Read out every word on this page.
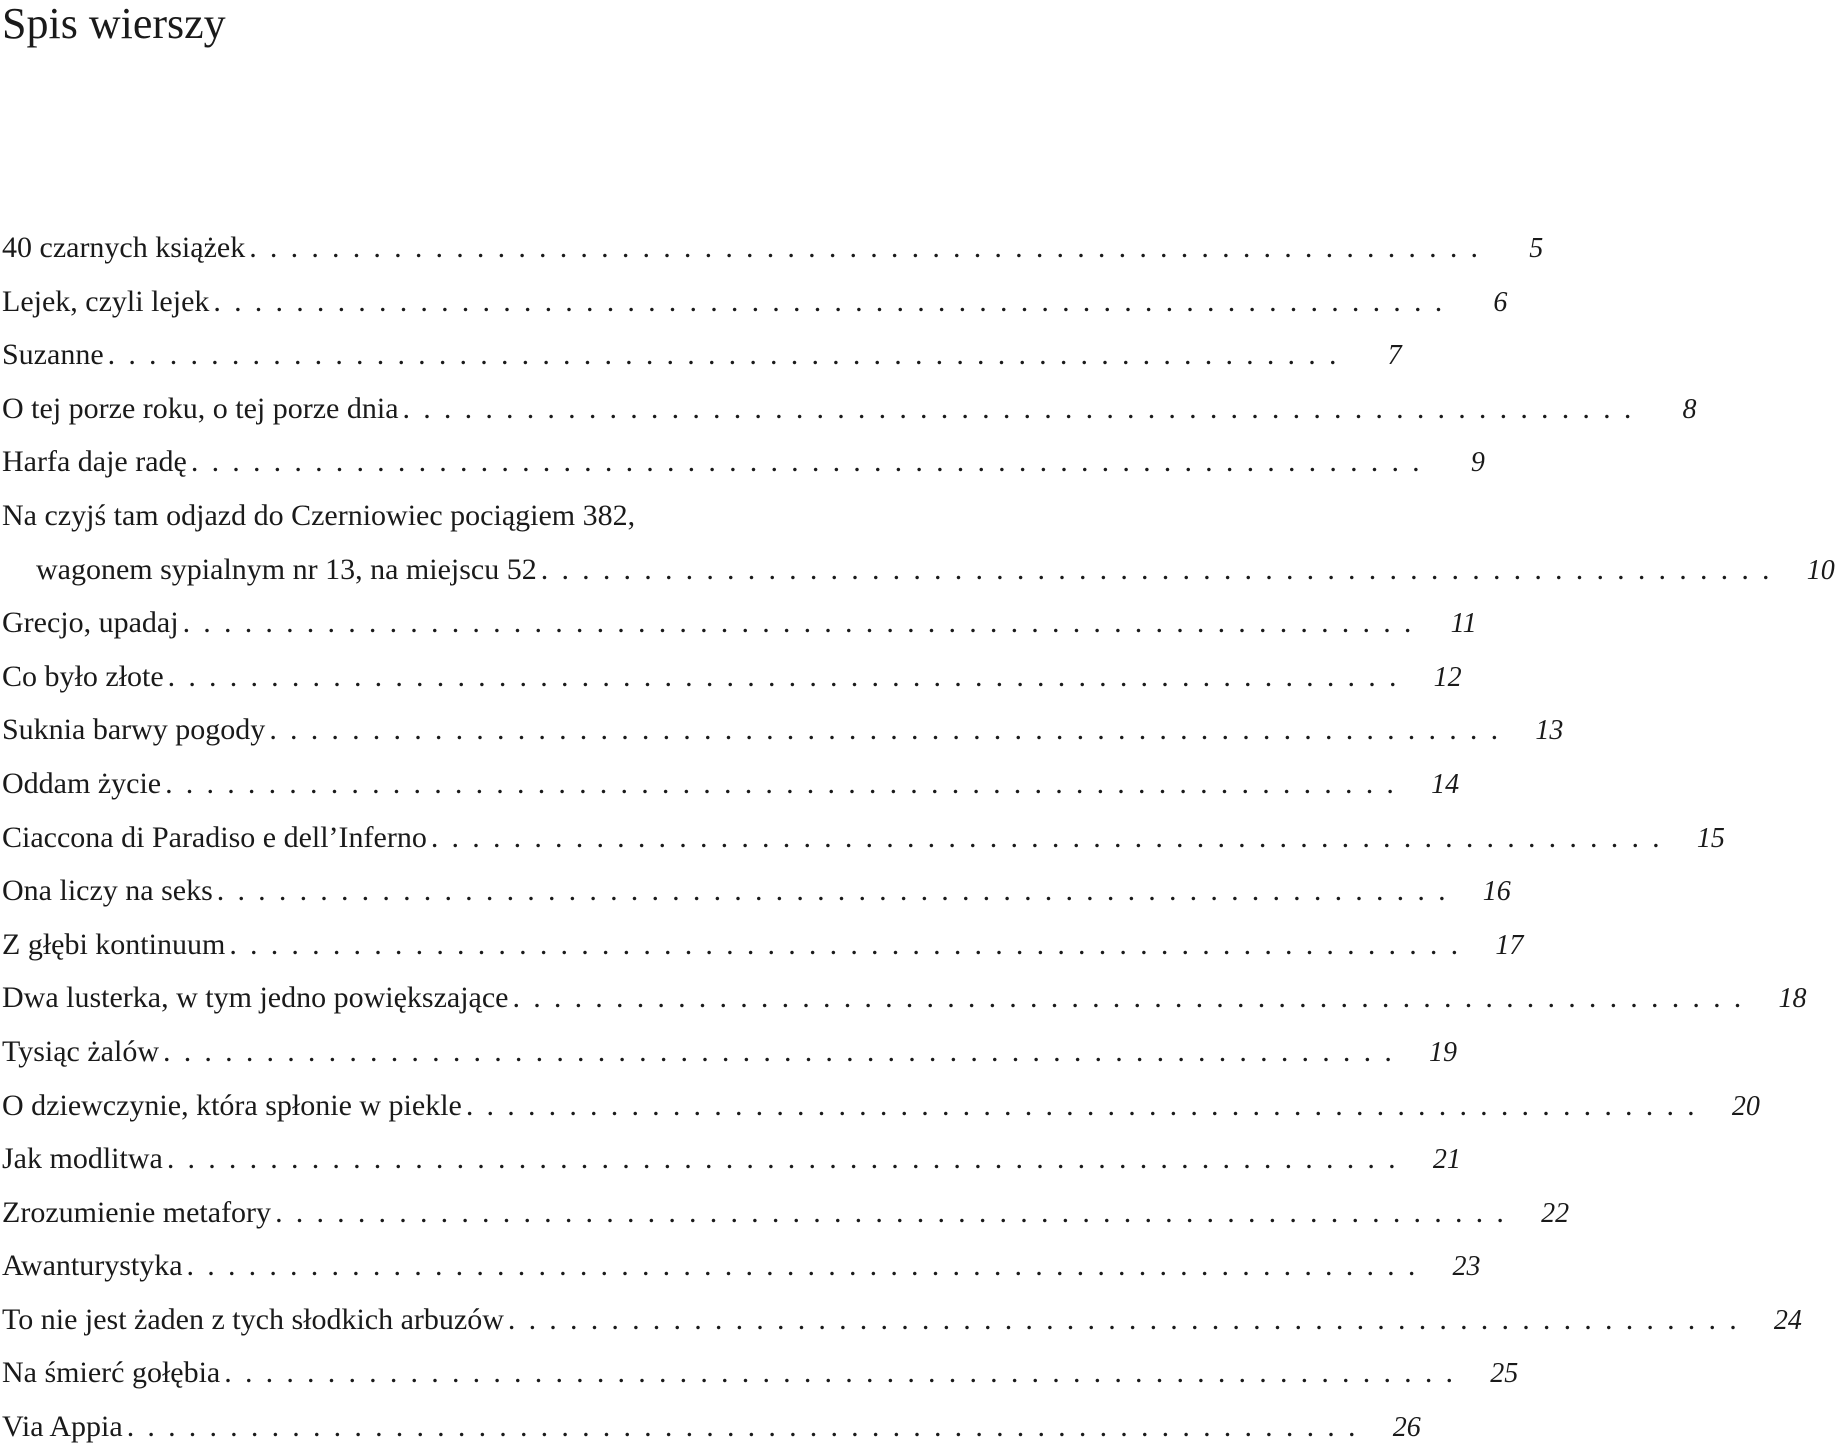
Spis wierszy
40 czarnych książek ............................................................	5
Lejek, czyli lejek ............................................................	6
Suzanne ............................................................	7
O tej porze roku, o tej porze dnia ............................................................	8
Harfa daje radę ............................................................	9
Na czyjś tam odjazd do Czerniowiec pociągiem 382,
wagonem sypialnym nr 13, na miejscu 52 ............................................................ 10
Grecjo, upadaj ............................................................ 11
Co było złote ............................................................ 12
Suknia barwy pogody ............................................................ 13
Oddam życie ............................................................ 14
Ciaccona di Paradiso e dell’Inferno ............................................................ 15
Ona liczy na seks ............................................................ 16
Z głębi kontinuum ............................................................ 17
Dwa lusterka, w tym jedno powiększające ............................................................ 18
Tysiąc żalów ............................................................ 19
O dziewczynie, która spłonie w piekle ............................................................ 20
Jak modlitwa ............................................................ 21
Zrozumienie metafory ............................................................ 22
Awanturystyka ............................................................ 23
To nie jest żaden z tych słodkich arbuzów ............................................................ 24
Na śmierć gołębia ............................................................ 25
Via Appia ............................................................ 26
